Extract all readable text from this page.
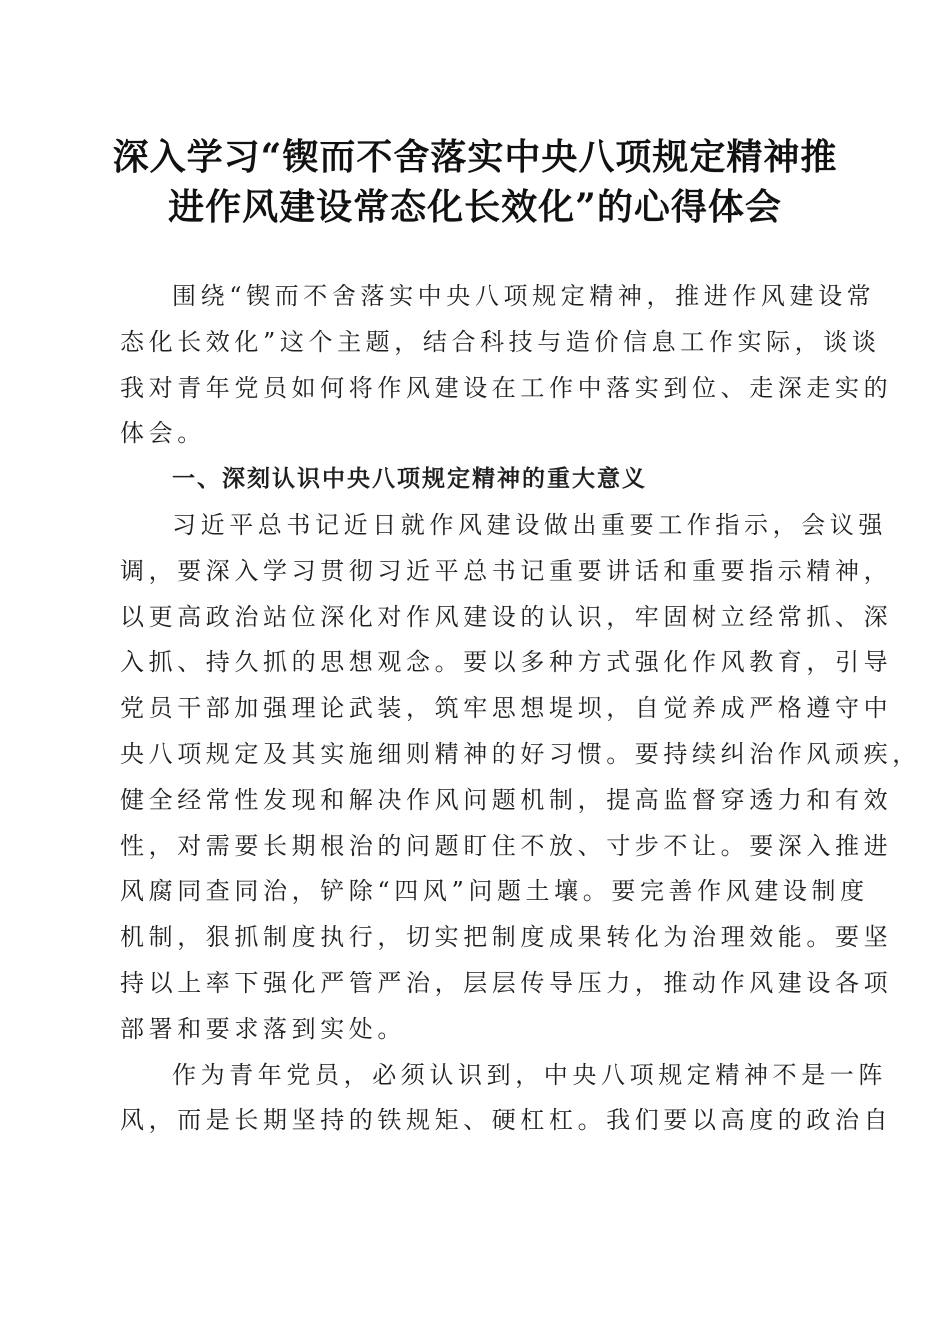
深入学习“锲而不舍落实中央八项规定精神推
进作风建设常态化长效化”的心得体会
围绕“锲而不舍落实中央八项规定精神，推进作风建设常
态化长效化”这个主题，结合科技与造价信息工作实际，谈谈
我对青年党员如何将作风建设在工作中落实到位、走深走实的
体会。
一、深刻认识中央八项规定精神的重大意义
习近平总书记近日就作风建设做出重要工作指示，会议强
调，要深入学习贯彻习近平总书记重要讲话和重要指示精神，
以更高政治站位深化对作风建设的认识，牢固树立经常抓、深
入抓、持久抓的思想观念。要以多种方式强化作风教育，引导
党员干部加强理论武装，筑牢思想堤坝，自觉养成严格遵守中
央八项规定及其实施细则精神的好习惯。要持续纠治作风顽疾，
健全经常性发现和解决作风问题机制，提高监督穿透力和有效
性，对需要长期根治的问题盯住不放、寸步不让。要深入推进
风腐同查同治，铲除“四风”问题土壤。要完善作风建设制度
机制，狠抓制度执行，切实把制度成果转化为治理效能。要坚
持以上率下强化严管严治，层层传导压力，推动作风建设各项
部署和要求落到实处。
作为青年党员，必须认识到，中央八项规定精神不是一阵
风，而是长期坚持的铁规矩、硬杠杠。我们要以高度的政治自
